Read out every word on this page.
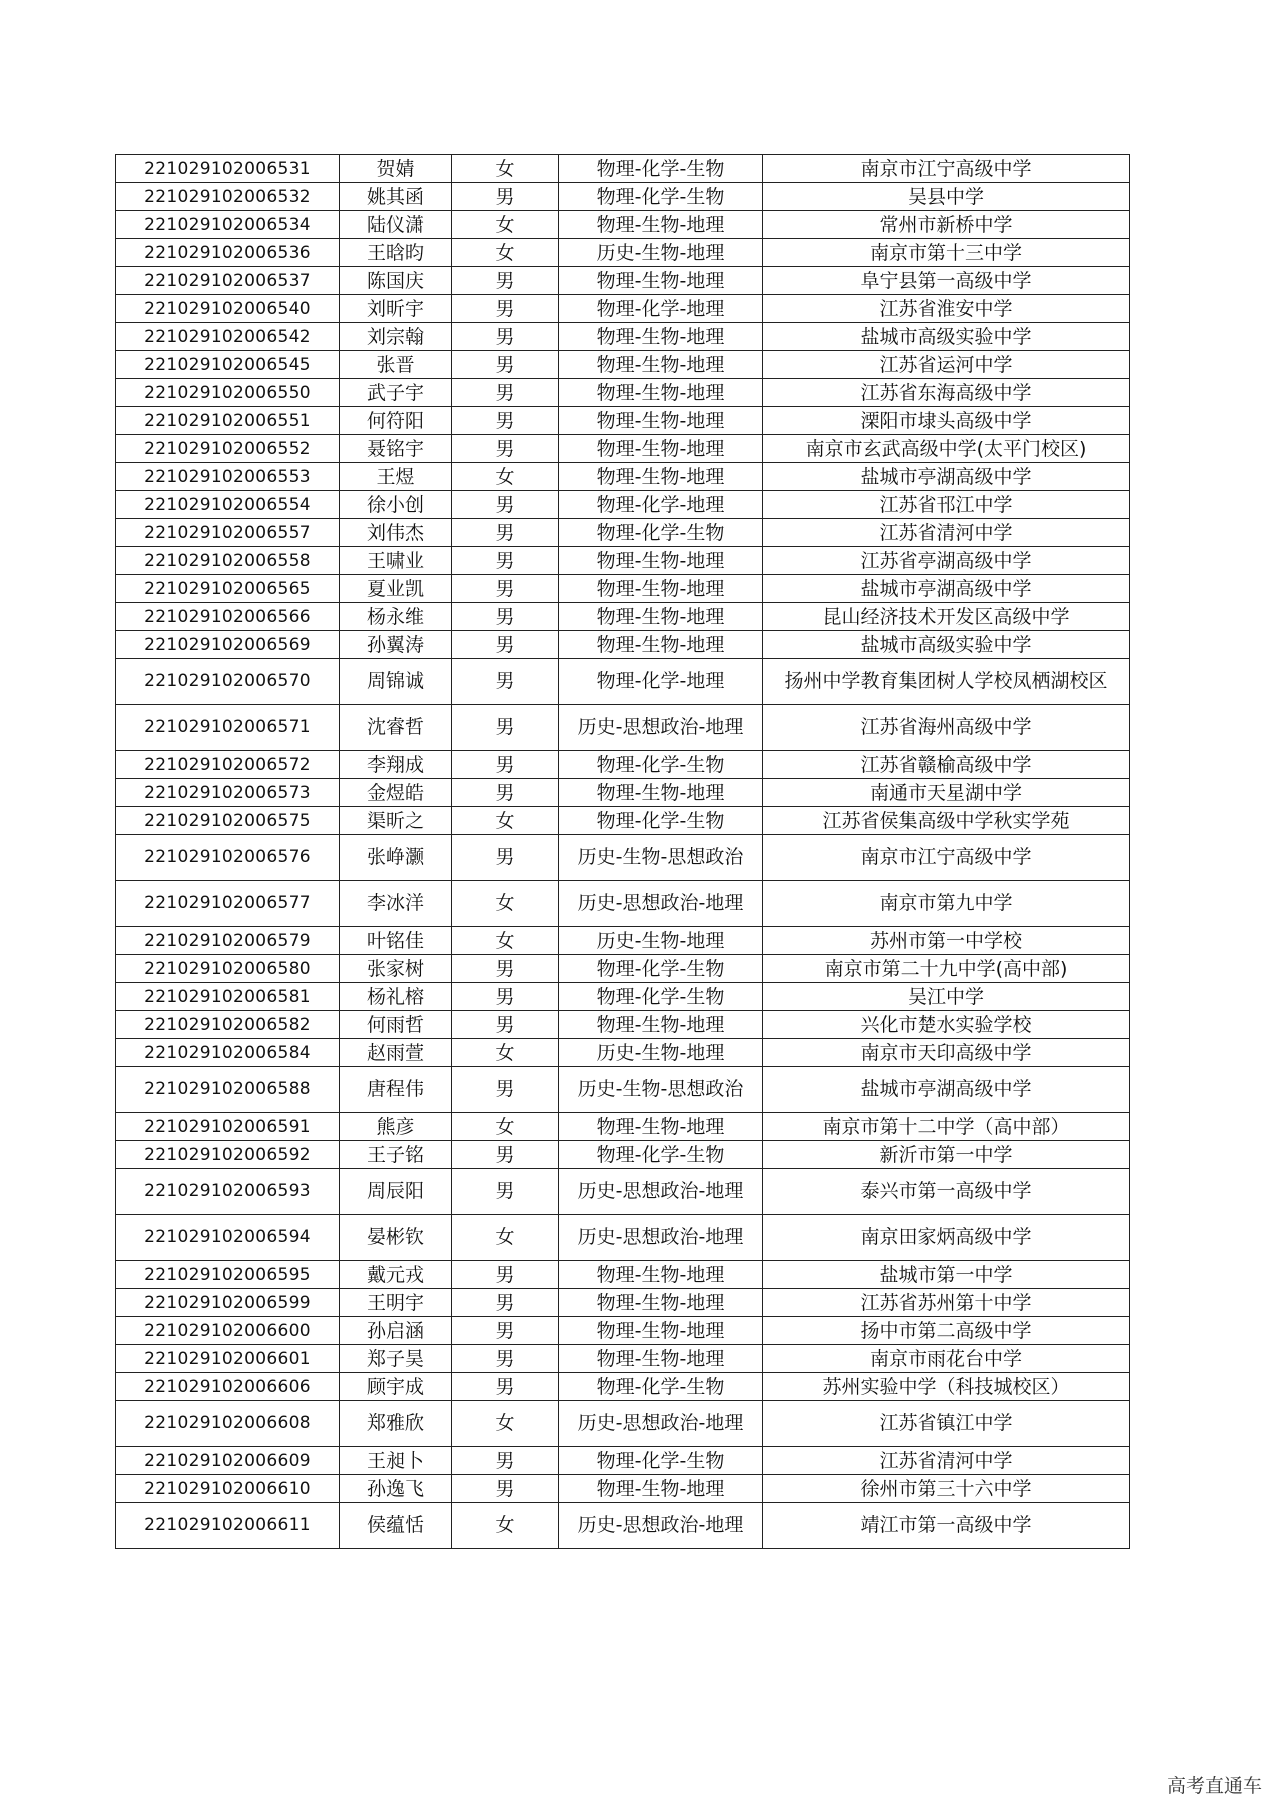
221029102006531	贺婧	女	物理-化学-生物	南京市江宁高级中学

221029102006532	姚其函	男	物理-化学-生物	吴县中学

221029102006534	陆仪潇	女	物理-生物-地理	常州市新桥中学

221029102006536	王晗昀	女	历史-生物-地理	南京市第十三中学

221029102006537	陈国庆	男	物理-生物-地理	阜宁县第一高级中学

221029102006540	刘昕宇	男	物理-化学-地理	江苏省淮安中学

221029102006542	刘宗翰	男	物理-生物-地理	盐城市高级实验中学

221029102006545	张晋	男	物理-生物-地理	江苏省运河中学

221029102006550	武子宇	男	物理-生物-地理	江苏省东海高级中学

221029102006551	何符阳	男	物理-生物-地理	溧阳市埭头高级中学

221029102006552	聂铭宇	男	物理-生物-地理	南京市玄武高级中学(太平门校区)

221029102006553	王煜	女	物理-生物-地理	盐城市亭湖高级中学

221029102006554	徐小创	男	物理-化学-地理	江苏省邗江中学

221029102006557	刘伟杰	男	物理-化学-生物	江苏省清河中学

221029102006558	王啸业	男	物理-生物-地理	江苏省亭湖高级中学

221029102006565	夏业凯	男	物理-生物-地理	盐城市亭湖高级中学

221029102006566	杨永维	男	物理-生物-地理	昆山经济技术开发区高级中学

221029102006569	孙翼涛	男	物理-生物-地理	盐城市高级实验中学

221029102006570	周锦诚	男	物理-化学-地理	扬州中学教育集团树人学校凤栖湖校区

221029102006571	沈睿哲	男	历史-思想政治-地理	江苏省海州高级中学

221029102006572	李翔成	男	物理-化学-生物	江苏省赣榆高级中学

221029102006573	金煜皓	男	物理-生物-地理	南通市天星湖中学

221029102006575	渠昕之	女	物理-化学-生物	江苏省侯集高级中学秋实学苑

221029102006576	张峥灏	男	历史-生物-思想政治	南京市江宁高级中学

221029102006577	李冰洋	女	历史-思想政治-地理	南京市第九中学

221029102006579	叶铭佳	女	历史-生物-地理	苏州市第一中学校

221029102006580	张家树	男	物理-化学-生物	南京市第二十九中学(高中部)

221029102006581	杨礼榕	男	物理-化学-生物	吴江中学

221029102006582	何雨哲	男	物理-生物-地理	兴化市楚水实验学校

221029102006584	赵雨萱	女	历史-生物-地理	南京市天印高级中学

221029102006588	唐程伟	男	历史-生物-思想政治	盐城市亭湖高级中学

221029102006591	熊彦	女	物理-生物-地理	南京市第十二中学（高中部）

221029102006592	王子铭	男	物理-化学-生物	新沂市第一中学

221029102006593	周辰阳	男	历史-思想政治-地理	泰兴市第一高级中学

221029102006594	晏彬钦	女	历史-思想政治-地理	南京田家炳高级中学

221029102006595	戴元戎	男	物理-生物-地理	盐城市第一中学

221029102006599	王明宇	男	物理-生物-地理	江苏省苏州第十中学

221029102006600	孙启涵	男	物理-生物-地理	扬中市第二高级中学

221029102006601	郑子昊	男	物理-生物-地理	南京市雨花台中学

221029102006606	顾宇成	男	物理-化学-生物	苏州实验中学（科技城校区）

221029102006608	郑雅欣	女	历史-思想政治-地理	江苏省镇江中学

221029102006609	王昶卜	男	物理-化学-生物	江苏省清河中学

221029102006610	孙逸飞	男	物理-生物-地理	徐州市第三十六中学

221029102006611	侯蕴恬	女	历史-思想政治-地理	靖江市第一高级中学
高考直通车
